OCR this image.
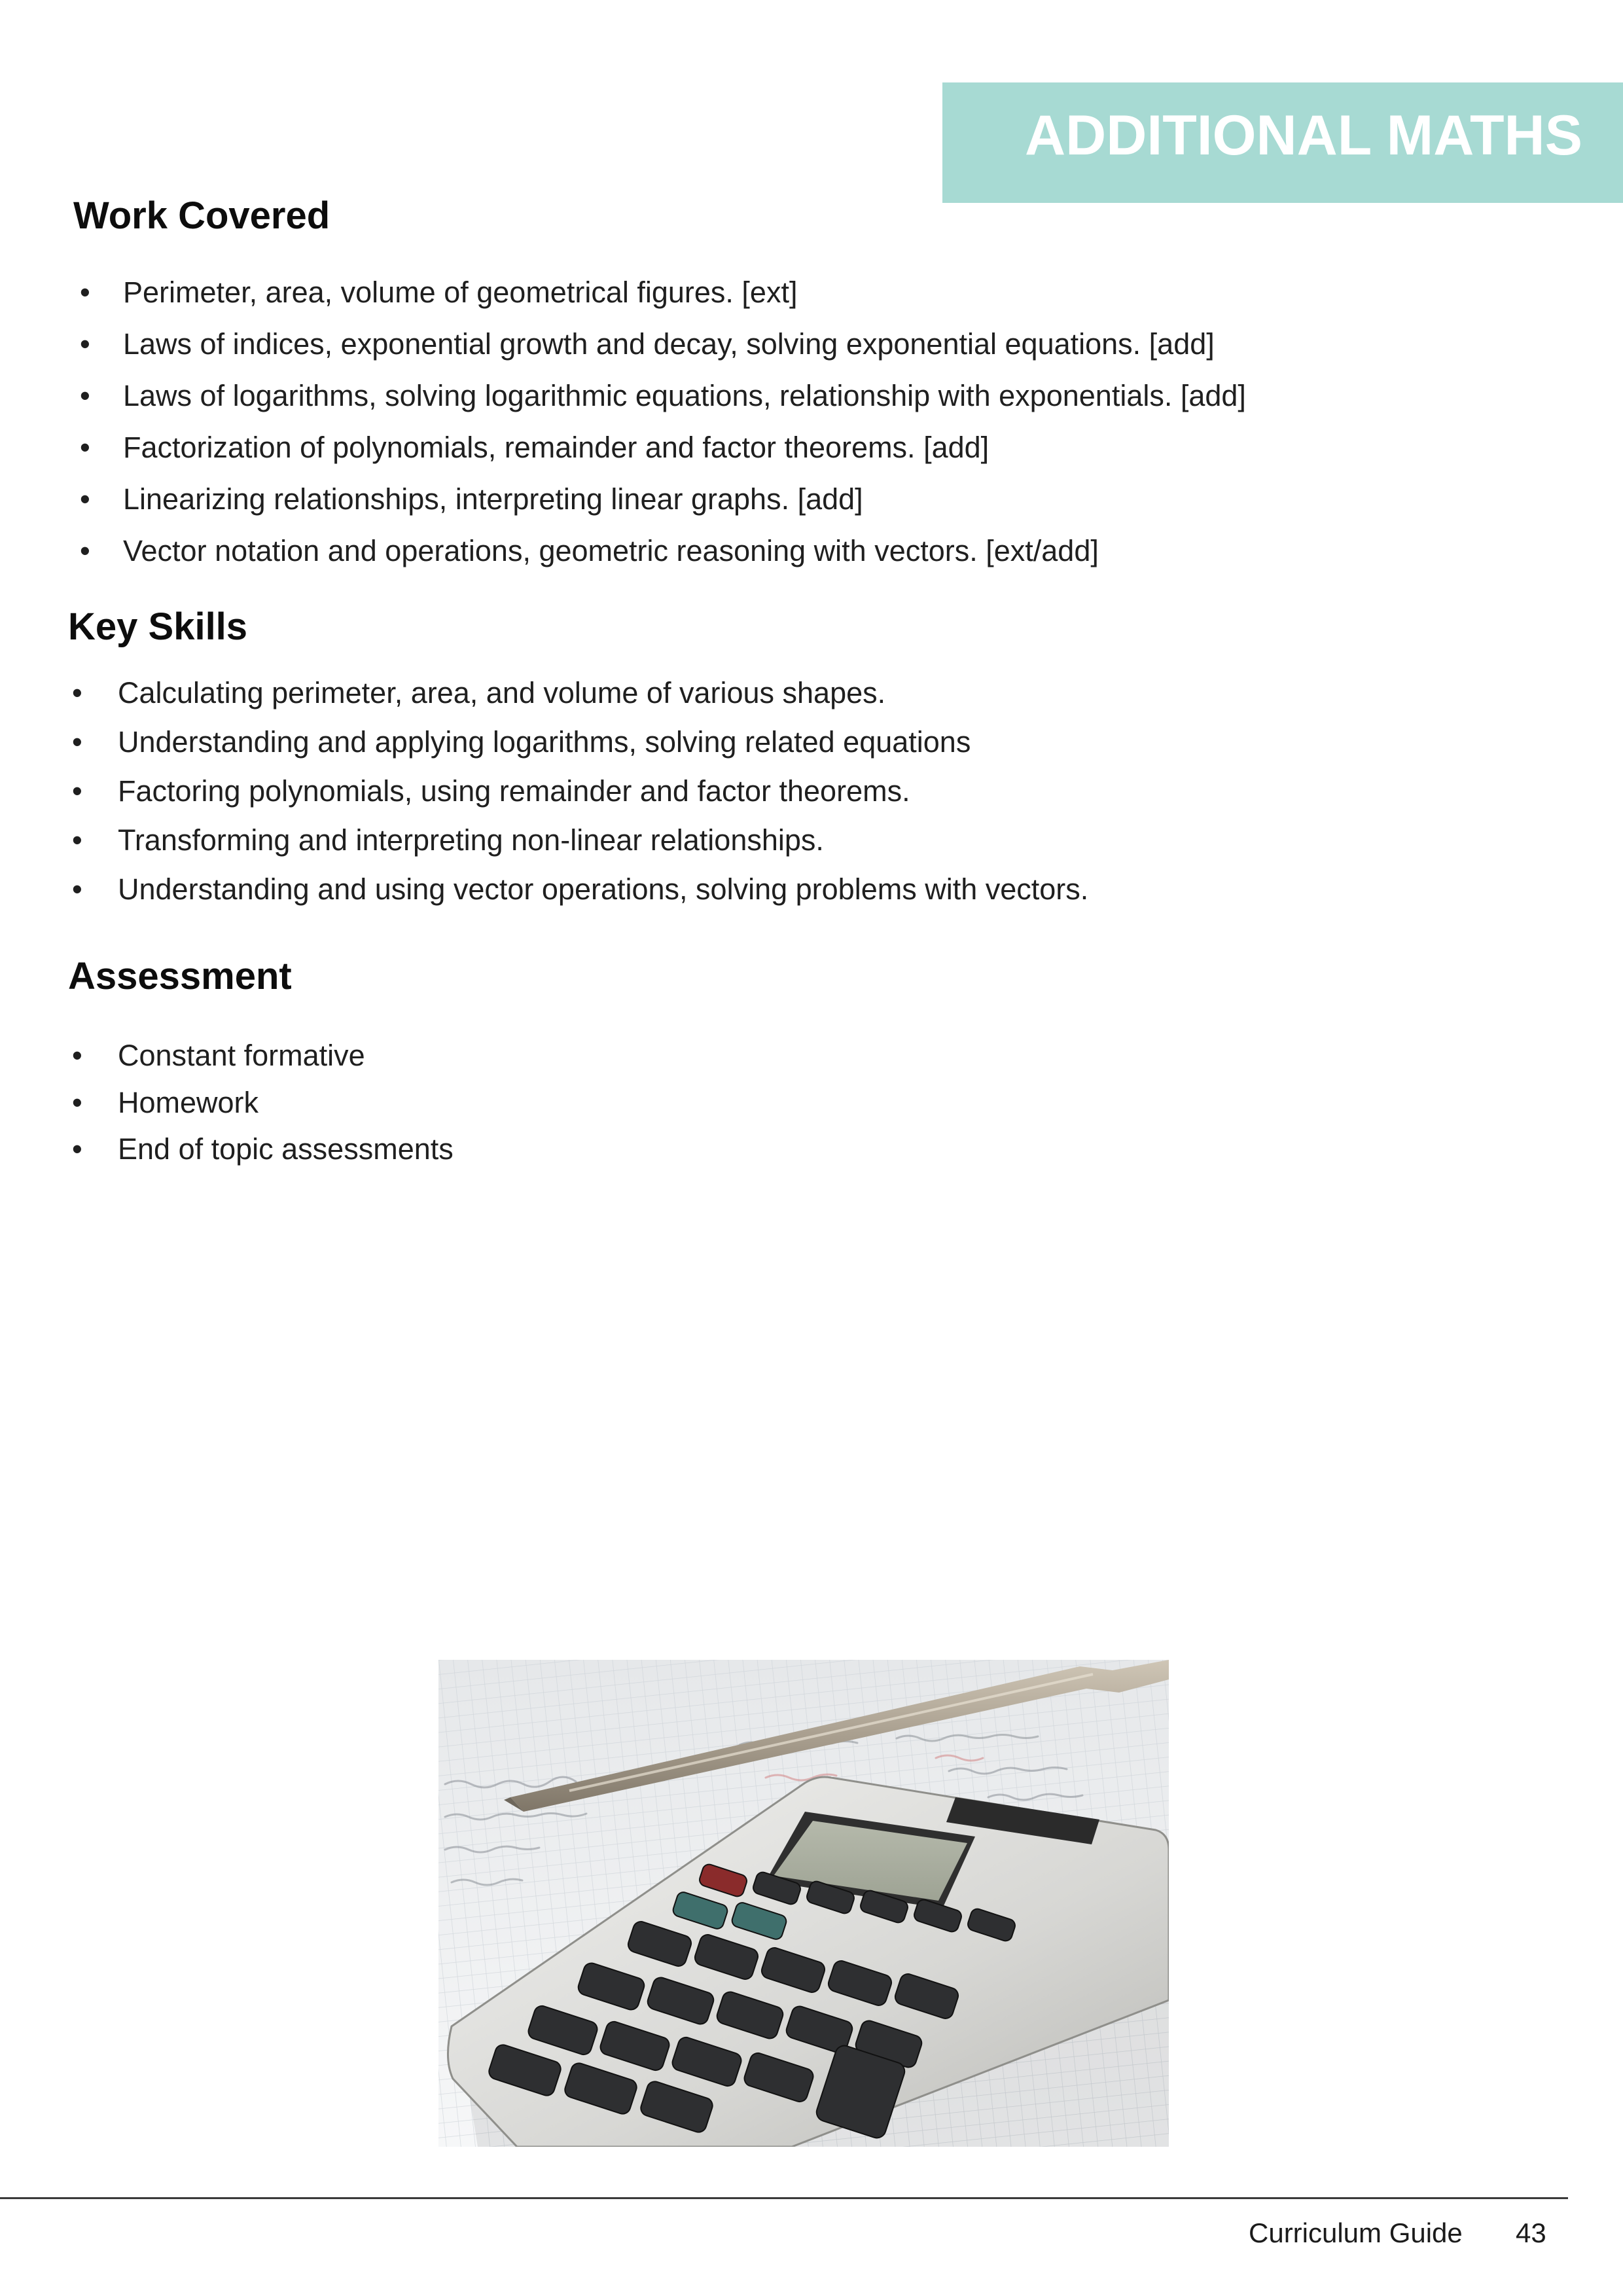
ADDITIONAL MATHS
Work Covered
• Perimeter, area, volume of geometrical figures. [ext]
• Laws of indices, exponential growth and decay, solving exponential equations. [add]
• Laws of logarithms, solving logarithmic equations, relationship with exponentials. [add]
• Factorization of polynomials, remainder and factor theorems. [add]
• Linearizing relationships, interpreting linear graphs. [add]
• Vector notation and operations, geometric reasoning with vectors. [ext/add]
Key Skills
• Calculating perimeter, area, and volume of various shapes.
• Understanding and applying logarithms, solving related equations
• Factoring polynomials, using remainder and factor theorems.
• Transforming and interpreting non-linear relationships.
• Understanding and using vector operations, solving problems with vectors.
Assessment
• Constant formative
• Homework
• End of topic assessments
Curriculum Guide 43
